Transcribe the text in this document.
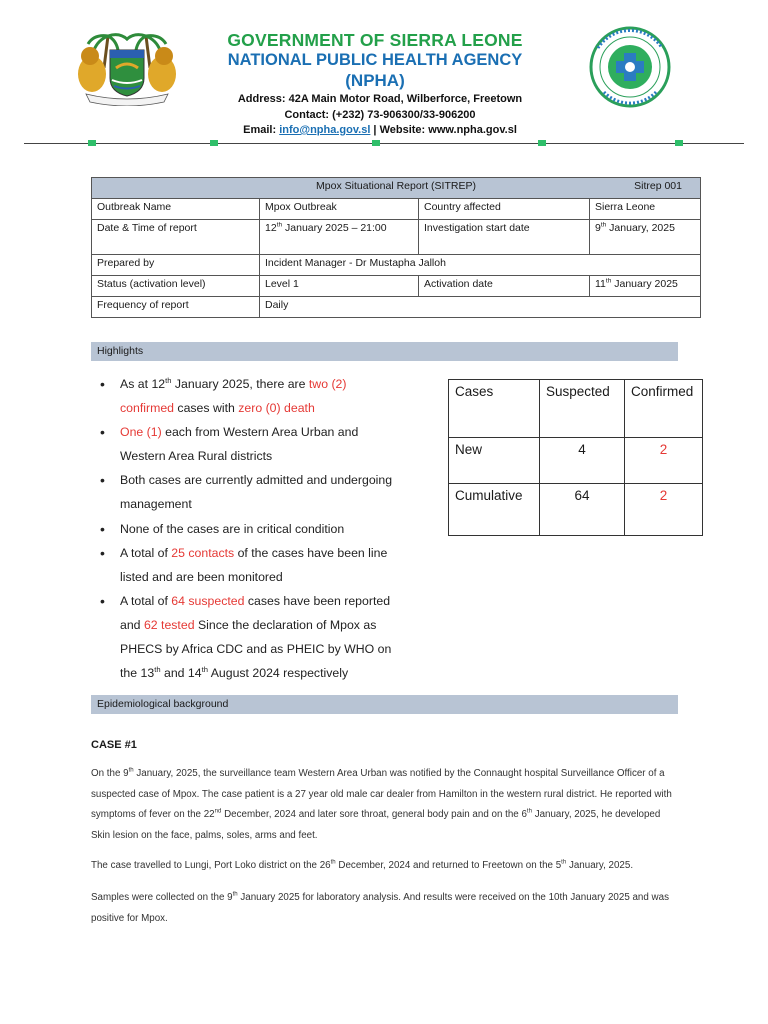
GOVERNMENT OF SIERRA LEONE
NATIONAL PUBLIC HEALTH AGENCY
(NPHA)
Address: 42A Main Motor Road, Wilberforce, Freetown
Contact: (+232) 73-906300/33-906200
Email: info@npha.gov.sl | Website: www.npha.gov.sl
Mpox Situational Report (SITREP) Sitrep 001			

Outbreak Name	Mpox Outbreak	Country affected	Sierra Leone
Date & Time of report	12th January 2025 – 21:00	Investigation start date	9th January, 2025
Prepared by	Incident Manager - Dr Mustapha Jalloh		
Status (activation level)	Level 1	Activation date	11th January 2025
Frequency of report	Daily		
Highlights
• As at 12th January 2025, there are two (2) confirmed cases with zero (0) death
• One (1) each from Western Area Urban and Western Area Rural districts
• Both cases are currently admitted and undergoing management
• None of the cases are in critical condition
• A total of 25 contacts of the cases have been line listed and are been monitored
• A total of 64 suspected cases have been reported and 62 tested Since the declaration of Mpox as PHECS by Africa CDC and as PHEIC by WHO on the 13th and 14th August 2024 respectively
Cases	Suspected	Confirmed
New	4	2
Cumulative	64	2
Epidemiological background
CASE #1

On the 9th January, 2025, the surveillance team Western Area Urban was notified by the Connaught hospital Surveillance Officer of a suspected case of Mpox. The case patient is a 27 year old male car dealer from Hamilton in the western rural district. He reported with symptoms of fever on the 22nd December, 2024 and later sore throat, general body pain and on the 6th January, 2025, he developed Skin lesion on the face, palms, soles, arms and feet.

The case travelled to Lungi, Port Loko district on the 26th December, 2024 and returned to Freetown on the 5th January, 2025.

Samples were collected on the 9th January 2025 for laboratory analysis. And results were received on the 10th January 2025 and was positive for Mpox.
